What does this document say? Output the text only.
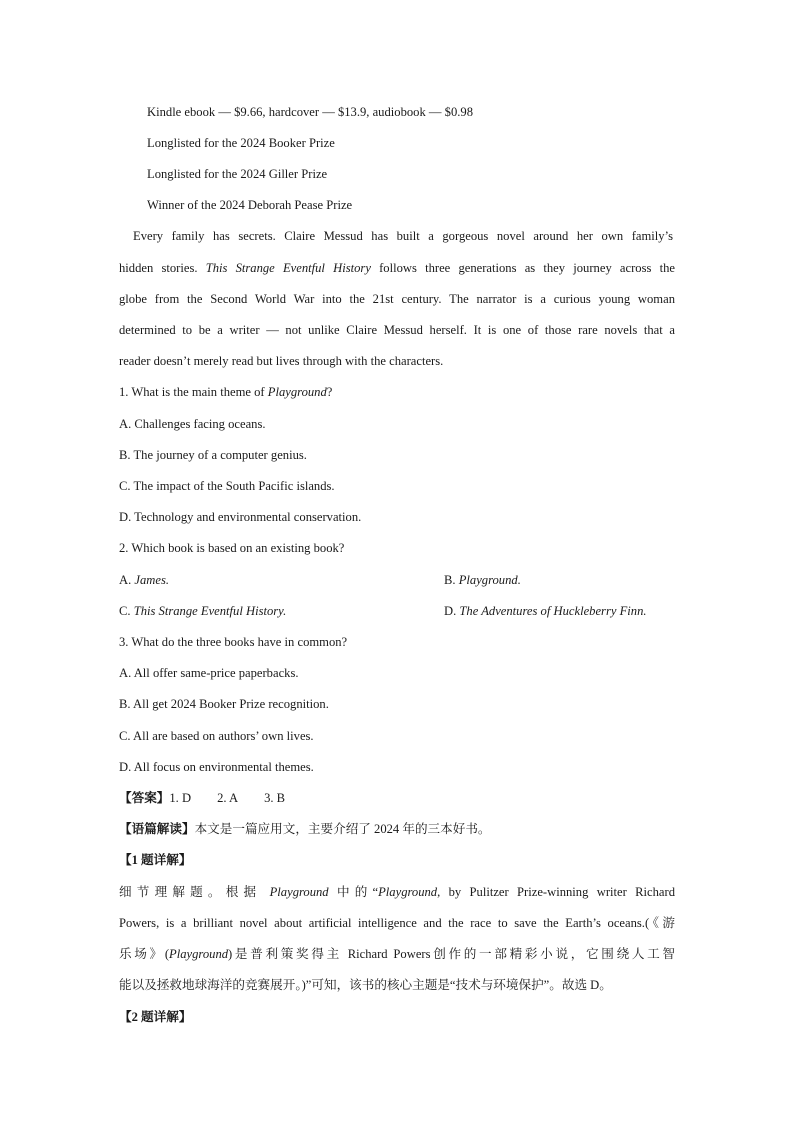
Kindle ebook — $9.66, hardcover — $13.9, audiobook — $0.98
Longlisted for the 2024 Booker Prize
Longlisted for the 2024 Giller Prize
Winner of the 2024 Deborah Pease Prize
Every family has secrets. Claire Messud has built a gorgeous novel around her own family’s
hidden stories. This Strange Eventful History follows three generations as they journey across the
globe from the Second World War into the 21st century. The narrator is a curious young woman
determined to be a writer — not unlike Claire Messud herself. It is one of those rare novels that a
reader doesn’t merely read but lives through with the characters.
1. What is the main theme of Playground?
A. Challenges facing oceans.
B. The journey of a computer genius.
C. The impact of the South Pacific islands.
D. Technology and environmental conservation.
2. Which book is based on an existing book?
A. James.	B. Playground.
C. This Strange Eventful History.	D. The Adventures of Huckleberry Finn.
3. What do the three books have in common?
A. All offer same-price paperbacks.
B. All get 2024 Booker Prize recognition.
C. All are based on authors’ own lives.
D. All focus on environmental themes.
【答案】1. D 2. A 3. B
【语篇解读】本文是一篇应用文，主要介绍了 2024 年的三本好书。
【1 题详解】
细节理解题。根据 Playground 中的“Playground, by Pulitzer Prize-winning writer Richard
Powers, is a brilliant novel about artificial intelligence and the race to save the Earth’s oceans.(《游
乐场》(Playground)是普利策奖得主 Richard Powers创作的一部精彩小说，它围绕人工智
能以及拯救地球海洋的竞赛展开。)”可知，该书的核心主题是“技术与环境保护”。故选 D。
【2 题详解】
